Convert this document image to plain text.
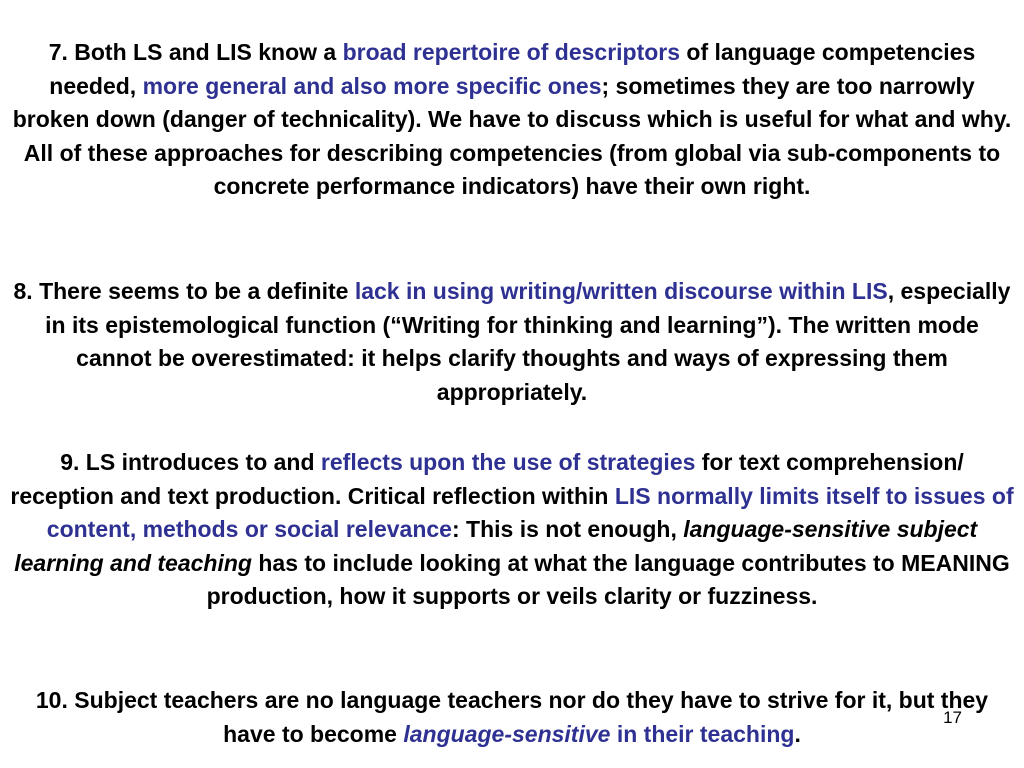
7. Both LS and LIS know a broad repertoire of descriptors of language competencies needed, more general and also more specific ones; sometimes they are too narrowly broken down (danger of technicality). We have to discuss which is useful for what and why. All of these approaches for describing competencies (from global via sub-components to concrete performance indicators) have their own right.

8. There seems to be a definite lack in using writing/written discourse within LIS, especially in its epistemological function (“Writing for thinking and learning”). The written mode cannot be overestimated: it helps clarify thoughts and ways of expressing them appropriately.

9. LS introduces to and reflects upon the use of strategies for text comprehension/ reception and text production. Critical reflection within LIS normally limits itself to issues of content, methods or social relevance: This is not enough, language-sensitive subject learning and teaching has to include looking at what the language contributes to MEANING production, how it supports or veils clarity or fuzziness.

10. Subject teachers are no language teachers nor do they have to strive for it, but they have to become language-sensitive in their teaching.

17
